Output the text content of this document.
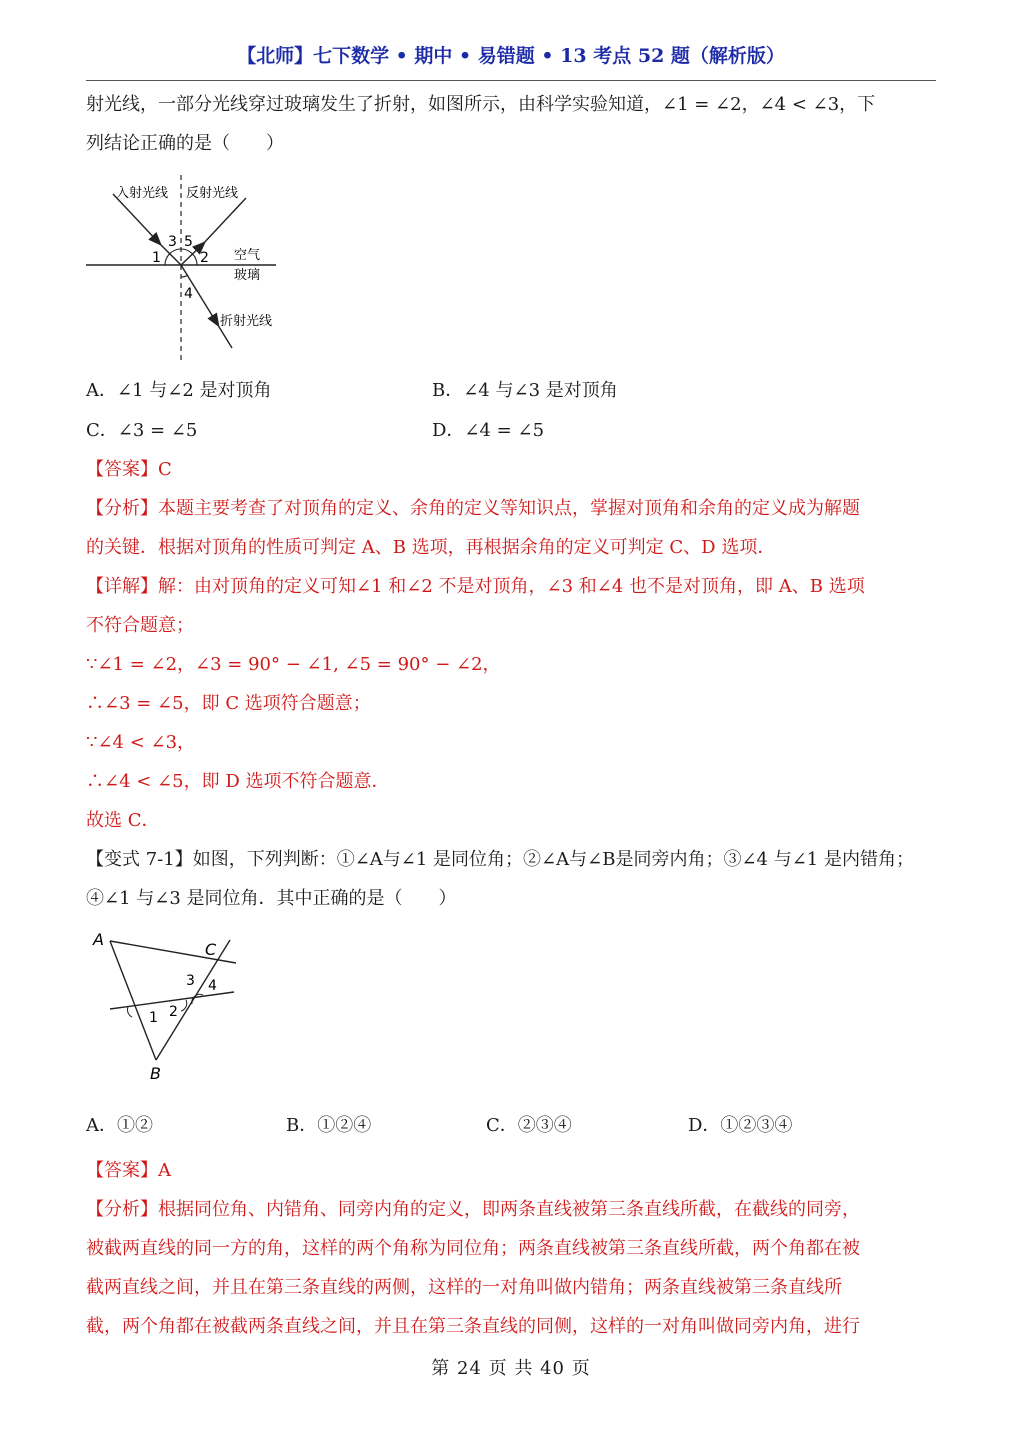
【北师】七下数学 • 期中 • 易错题 • 13 考点 52 题（解析版）
射光线，一部分光线穿过玻璃发生了折射，如图所示，由科学实验知道，∠1 = ∠2，∠4 < ∠3，下
列结论正确的是（　　）
入射光线 反射光线
空气
玻璃
折射光线
1	2
3 5
4
A．∠1 与∠2 是对顶角	B．∠4 与∠3 是对顶角
C．∠3 = ∠5	D．∠4 = ∠5
【答案】C
【分析】本题主要考查了对顶角的定义、余角的定义等知识点，掌握对顶角和余角的定义成为解题
的关键．根据对顶角的性质可判定 A、B 选项，再根据余角的定义可判定 C、D 选项．
【详解】解：由对顶角的定义可知∠1 和∠2 不是对顶角，∠3 和∠4 也不是对顶角，即 A、B 选项
不符合题意；
∵∠1 = ∠2，∠3 = 90° − ∠1, ∠5 = 90° − ∠2，
∴∠3 = ∠5，即 C 选项符合题意；
∵∠4 < ∠3，
∴∠4 < ∠5，即 D 选项不符合题意．
故选 C．
【变式 7-1】如图，下列判断：①∠A与∠1 是同位角；②∠A与∠B是同旁内角；③∠4 与∠1 是内错角；
④∠1 与∠3 是同位角．其中正确的是（　　）
A
B
C
1 2
3 4
A．①②	B．①②④	C．②③④	D．①②③④
【答案】A
【分析】根据同位角、内错角、同旁内角的定义，即两条直线被第三条直线所截，在截线的同旁，
被截两直线的同一方的角，这样的两个角称为同位角；两条直线被第三条直线所截，两个角都在被
截两直线之间，并且在第三条直线的两侧，这样的一对角叫做内错角；两条直线被第三条直线所
截，两个角都在被截两条直线之间，并且在第三条直线的同侧，这样的一对角叫做同旁内角，进行
第 24 页 共 40 页
